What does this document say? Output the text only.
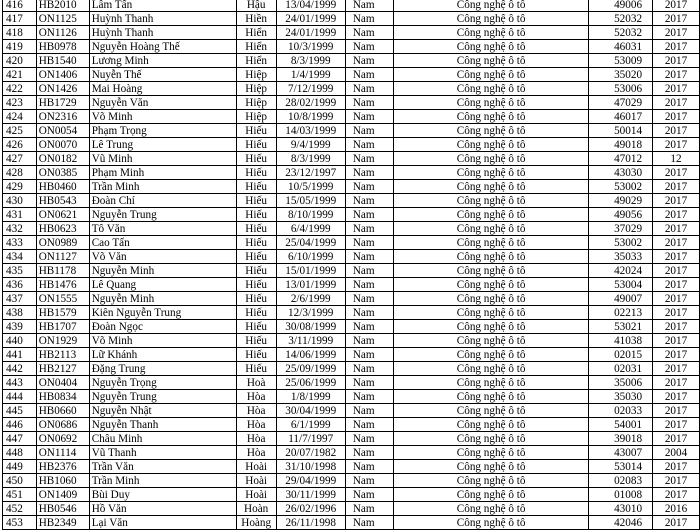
416	HB2010	Lâm Tấn	Hậu	13/04/1999	Nam	Công nghệ ô tô	49006	2017
417	ON1125	Huỳnh Thanh	Hiền	24/01/1999	Nam	Công nghệ ô tô	52032	2017
418	ON1126	Huỳnh Thanh	Hiển	24/01/1999	Nam	Công nghệ ô tô	52032	2017
419	HB0978	Nguyễn Hoàng Thế	Hiển	10/3/1999	Nam	Công nghệ ô tô	46031	2017
420	HB1540	Lương Minh	Hiển	8/3/1999	Nam	Công nghệ ô tô	53009	2017
421	ON1406	Nuyễn Thế	Hiệp	1/4/1999	Nam	Công nghệ ô tô	35020	2017
422	ON1426	Mai Hoàng	Hiệp	7/12/1999	Nam	Công nghệ ô tô	53006	2017
423	HB1729	Nguyễn Văn	Hiệp	28/02/1999	Nam	Công nghệ ô tô	47029	2017
424	ON2316	Võ Minh	Hiệp	10/8/1999	Nam	Công nghệ ô tô	46017	2017
425	ON0054	Phạm Trọng	Hiếu	14/03/1999	Nam	Công nghệ ô tô	50014	2017
426	ON0070	Lê Trung	Hiếu	9/4/1999	Nam	Công nghệ ô tô	49018	2017
427	ON0182	Vũ Minh	Hiếu	8/3/1999	Nam	Công nghệ ô tô	47012	12
428	ON0385	Phạm Minh	Hiếu	23/12/1997	Nam	Công nghệ ô tô	43030	2017
429	HB0460	Trần Minh	Hiếu	10/5/1999	Nam	Công nghệ ô tô	53002	2017
430	HB0543	Đoàn Chí	Hiếu	15/05/1999	Nam	Công nghệ ô tô	49029	2017
431	ON0621	Nguyễn Trung	Hiếu	8/10/1999	Nam	Công nghệ ô tô	49056	2017
432	HB0623	Tô Văn	Hiếu	6/4/1999	Nam	Công nghệ ô tô	37029	2017
433	ON0989	Cao Tấn	Hiếu	25/04/1999	Nam	Công nghệ ô tô	53002	2017
434	ON1127	Võ Văn	Hiếu	6/10/1999	Nam	Công nghệ ô tô	35033	2017
435	HB1178	Nguyễn Minh	Hiếu	15/01/1999	Nam	Công nghệ ô tô	42024	2017
436	HB1476	Lê Quang	Hiếu	13/01/1999	Nam	Công nghệ ô tô	53004	2017
437	ON1555	Nguyễn Minh	Hiếu	2/6/1999	Nam	Công nghệ ô tô	49007	2017
438	HB1579	Kiên Nguyễn Trung	Hiếu	12/3/1999	Nam	Công nghệ ô tô	02213	2017
439	HB1707	Đoàn Ngọc	Hiếu	30/08/1999	Nam	Công nghệ ô tô	53021	2017
440	ON1929	Võ Minh	Hiếu	3/11/1999	Nam	Công nghệ ô tô	41038	2017
441	HB2113	Lữ Khánh	Hiếu	14/06/1999	Nam	Công nghệ ô tô	02015	2017
442	HB2127	Đặng Trung	Hiếu	25/09/1999	Nam	Công nghệ ô tô	02031	2017
443	ON0404	Nguyễn Trọng	Hoà	25/06/1999	Nam	Công nghệ ô tô	35006	2017
444	HB0834	Nguyễn Trung	Hòa	1/8/1999	Nam	Công nghệ ô tô	35030	2017
445	HB0660	Nguyễn Nhật	Hòa	30/04/1999	Nam	Công nghệ ô tô	02033	2017
446	ON0686	Nguyễn Thanh	Hòa	6/1/1999	Nam	Công nghệ ô tô	54001	2017
447	ON0692	Châu Minh	Hòa	11/7/1997	Nam	Công nghệ ô tô	39018	2017
448	ON1114	Vũ Thanh	Hòa	20/07/1982	Nam	Công nghệ ô tô	43007	2004
449	HB2376	Trần Văn	Hoài	31/10/1998	Nam	Công nghệ ô tô	53014	2017
450	HB1060	Trần Minh	Hoài	29/04/1999	Nam	Công nghệ ô tô	02083	2017
451	ON1409	Bùi Duy	Hoài	30/11/1999	Nam	Công nghệ ô tô	01008	2017
452	HB0546	Hồ Văn	Hoàn	26/02/1996	Nam	Công nghệ ô tô	43010	2016
453	HB2349	Lại Văn	Hoàng	26/11/1998	Nam	Công nghệ ô tô	42046	2017
